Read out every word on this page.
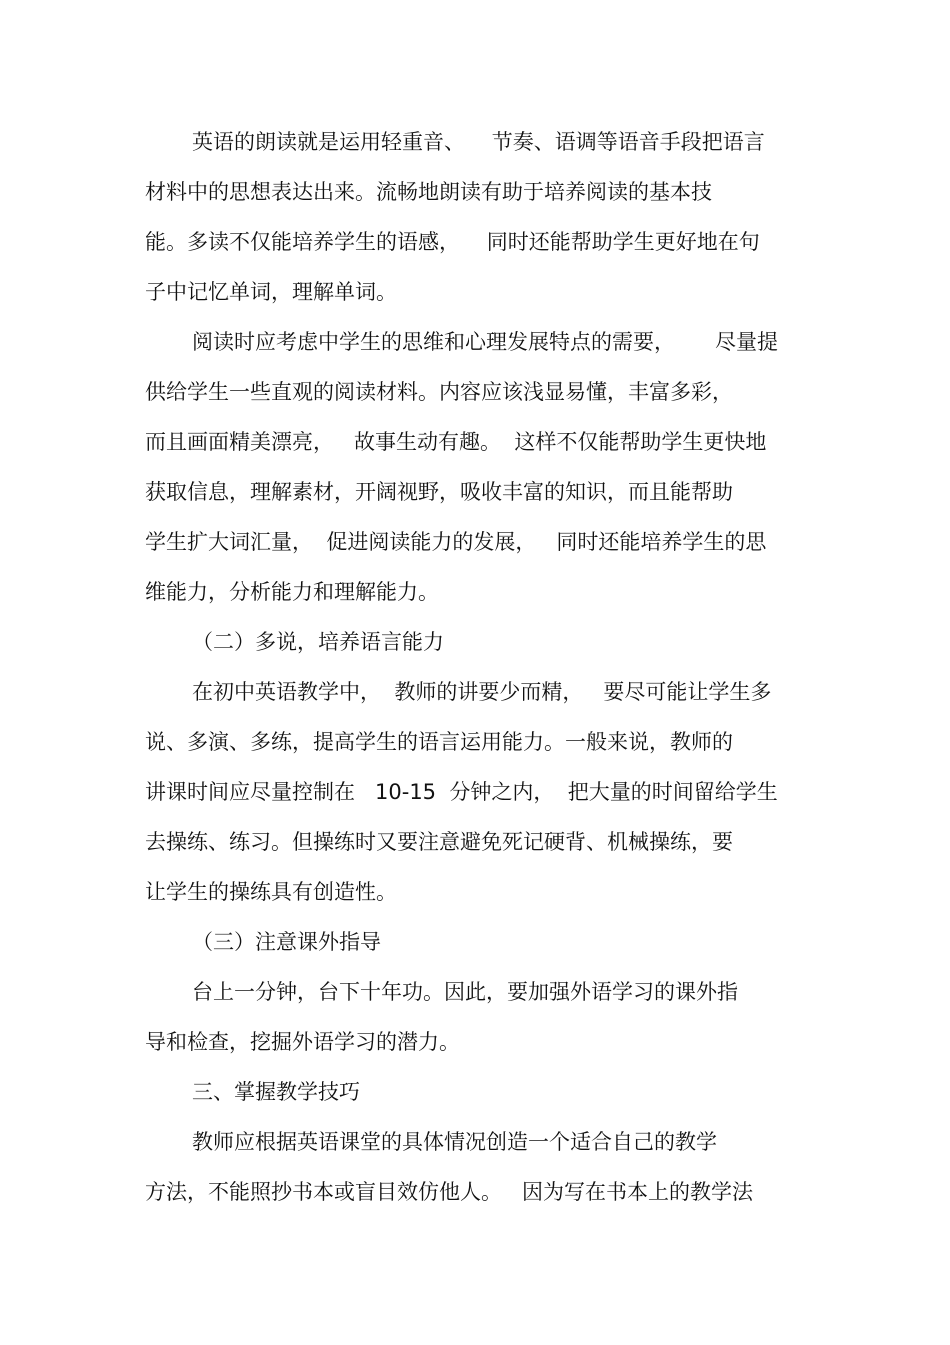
英语的朗读就是运用轻重音、    节奏、语调等语音手段把语言
材料中的思想表达出来。流畅地朗读有助于培养阅读的基本技
能。多读不仅能培养学生的语感，    同时还能帮助学生更好地在句
子中记忆单词，理解单词。
阅读时应考虑中学生的思维和心理发展特点的需要，      尽量提
供给学生一些直观的阅读材料。内容应该浅显易懂，丰富多彩，
而且画面精美漂亮，   故事生动有趣。  这样不仅能帮助学生更快地
获取信息，理解素材，开阔视野，吸收丰富的知识，而且能帮助
学生扩大词汇量，  促进阅读能力的发展，   同时还能培养学生的思
维能力，分析能力和理解能力。
（二）多说，培养语言能力
在初中英语教学中，  教师的讲要少而精，   要尽可能让学生多
说、多演、多练，提高学生的语言运用能力。一般来说，教师的
讲课时间应尽量控制在   10-15  分钟之内，  把大量的时间留给学生
去操练、练习。但操练时又要注意避免死记硬背、机械操练，要
让学生的操练具有创造性。
（三）注意课外指导
台上一分钟，台下十年功。因此，要加强外语学习的课外指
导和检查，挖掘外语学习的潜力。
三、掌握教学技巧
教师应根据英语课堂的具体情况创造一个适合自己的教学
方法，不能照抄书本或盲目效仿他人。   因为写在书本上的教学法
